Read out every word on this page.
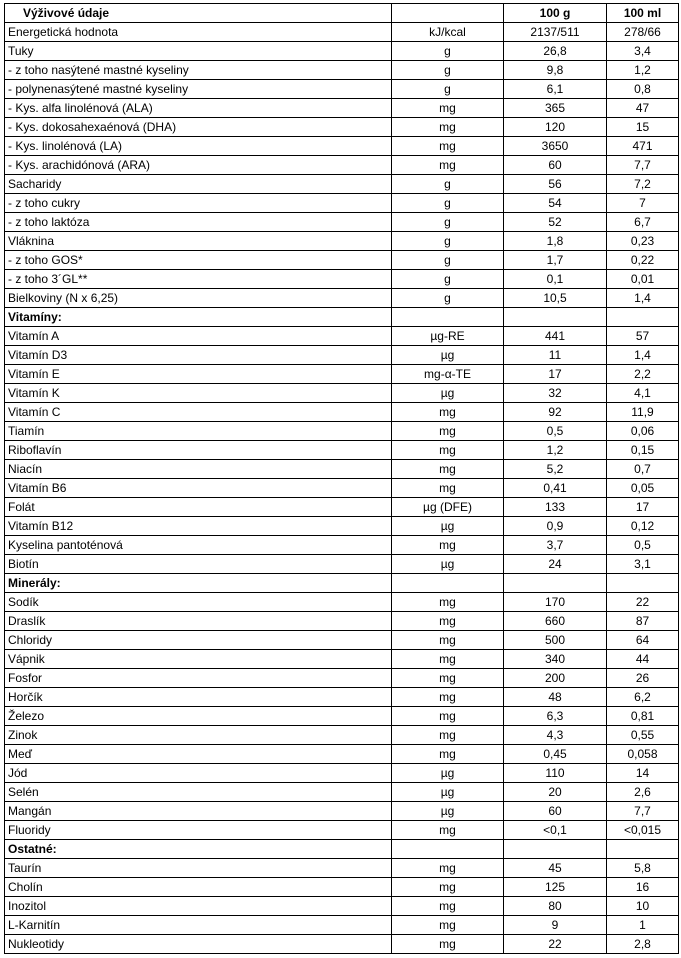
Výživové údaje		100 g	100 ml
Energetická hodnota	kJ/kcal	2137/511	278/66
Tuky	g	26,8	3,4
- z toho nasýtené mastné kyseliny	g	9,8	1,2
- polynenasýtené mastné kyseliny	g	6,1	0,8
- Kys. alfa linolénová (ALA)	mg	365	47
- Kys. dokosahexaénová (DHA)	mg	120	15
- Kys. linolénová (LA)	mg	3650	471
- Kys. arachidónová (ARA)	mg	60	7,7
Sacharidy	g	56	7,2
- z toho cukry	g	54	7
- z toho laktóza	g	52	6,7
Vláknina	g	1,8	0,23
- z toho GOS*	g	1,7	0,22
- z toho 3´GL**	g	0,1	0,01
Bielkoviny (N x 6,25)	g	10,5	1,4
Vitamíny:			
Vitamín A	µg-RE	441	57
Vitamín D3	µg	11	1,4
Vitamín E	mg-α-TE	17	2,2
Vitamín K	µg	32	4,1
Vitamín C	mg	92	11,9
Tiamín	mg	0,5	0,06
Riboflavín	mg	1,2	0,15
Niacín	mg	5,2	0,7
Vitamín B6	mg	0,41	0,05
Folát	µg (DFE)	133	17
Vitamín B12	µg	0,9	0,12
Kyselina pantoténová	mg	3,7	0,5
Biotín	µg	24	3,1
Minerály:			
Sodík	mg	170	22
Draslík	mg	660	87
Chloridy	mg	500	64
Vápnik	mg	340	44
Fosfor	mg	200	26
Horčík	mg	48	6,2
Železo	mg	6,3	0,81
Zinok	mg	4,3	0,55
Meď	mg	0,45	0,058
Jód	µg	110	14
Selén	µg	20	2,6
Mangán	µg	60	7,7
Fluoridy	mg	<0,1	<0,015
Ostatné:			
Taurín	mg	45	5,8
Cholín	mg	125	16
Inozitol	mg	80	10
L-Karnitín	mg	9	1
Nukleotidy	mg	22	2,8
